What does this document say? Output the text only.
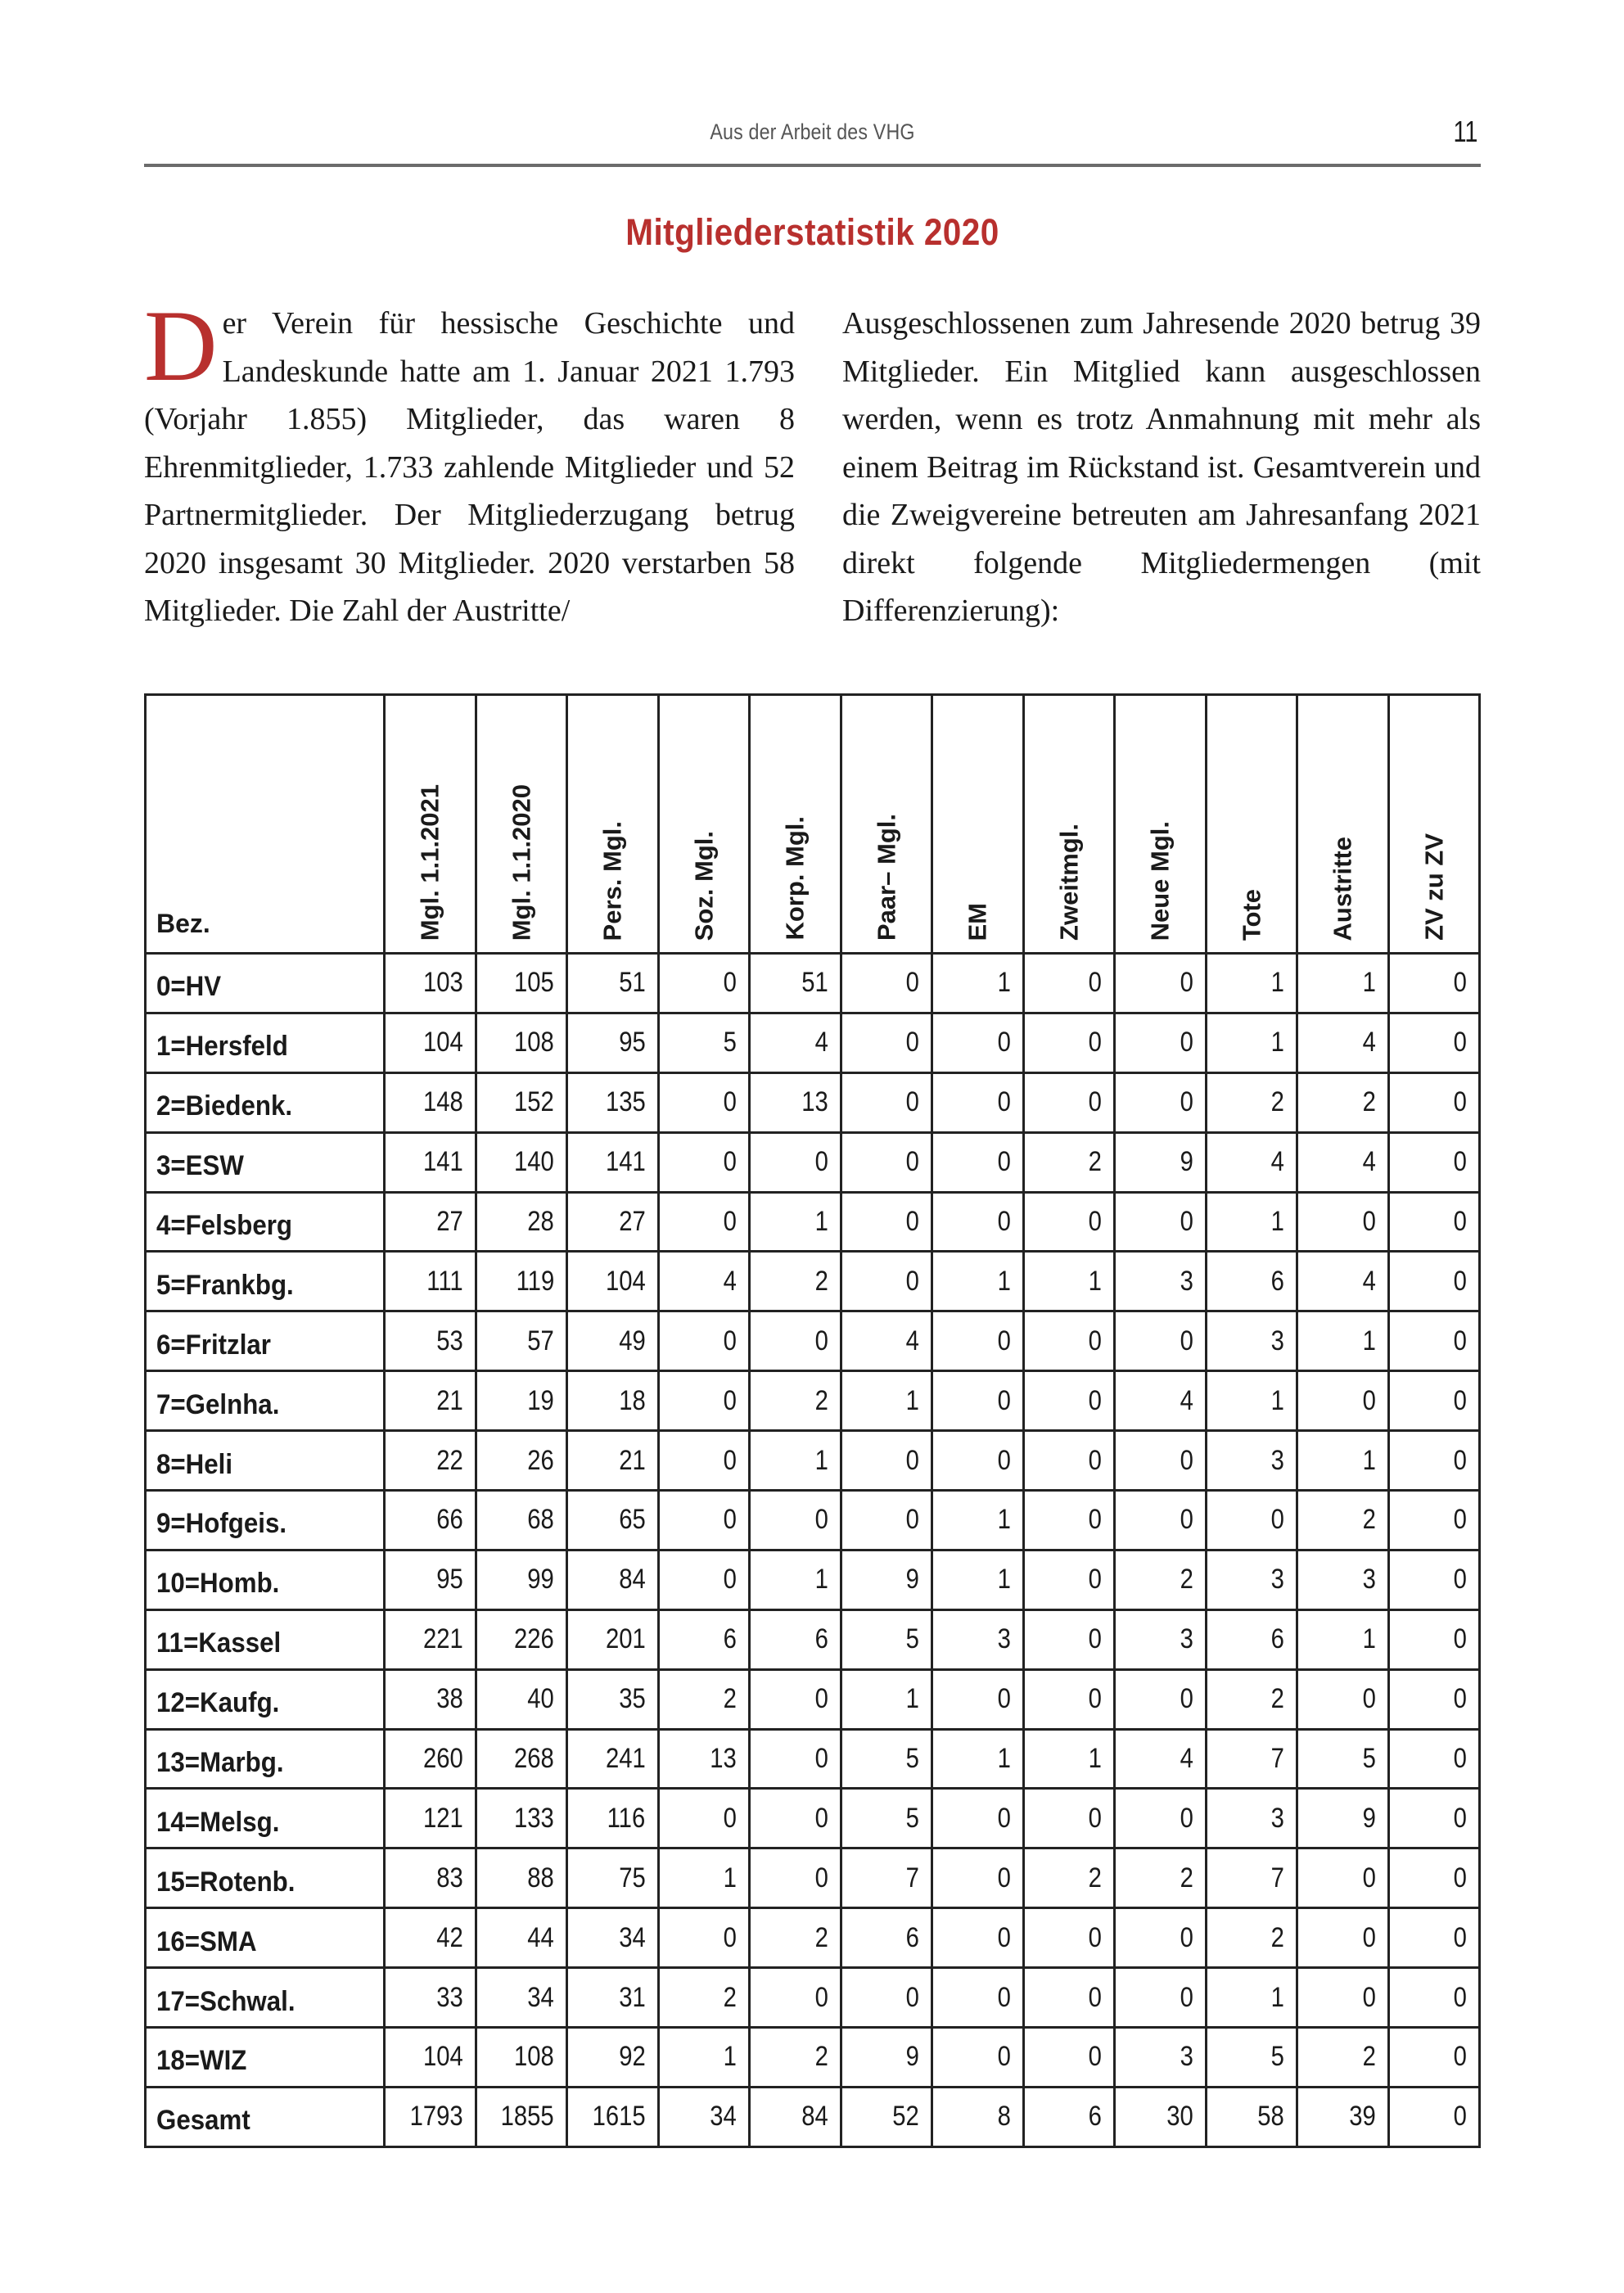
Aus der Arbeit des VHG	11
Mitgliederstatistik 2020
D er Verein für hessische Geschichte und Landeskunde hatte am 1. Januar 2021 1.793 (Vorjahr 1.855) Mitglieder, das waren 8 Ehrenmitglieder, 1.733 zahlende Mitglieder und 52 Partnermitglieder. Der Mitgliederzugang betrug 2020 insgesamt 30 Mitglieder. 2020 verstarben 58 Mitglieder. Die Zahl der Austritte/

Ausgeschlossenen zum Jahresende 2020 betrug 39 Mitglieder. Ein Mitglied kann ausgeschlossen werden, wenn es trotz Anmahnung mit mehr als einem Beitrag im Rückstand ist. Gesamtverein und die Zweigvereine betreuten am Jahresanfang 2021 direkt folgende Mitgliedermengen (mit Differenzierung):

Bez.	Mgl. 1.1.2021	Mgl. 1.1.2020	Pers. Mgl.	Soz. Mgl.	Korp. Mgl.	Paar– Mgl.	EM	Zweitmgl.	Neue Mgl.	Tote	Austritte	ZV zu ZV

0=HV	103	105	51	0	51	0	1	0	0	1	1	0
1=Hersfeld	104	108	95	5	4	0	0	0	0	1	4	0
2=Biedenk.	148	152	135	0	13	0	0	0	0	2	2	0
3=ESW	141	140	141	0	0	0	0	2	9	4	4	0
4=Felsberg	27	28	27	0	1	0	0	0	0	1	0	0
5=Frankbg.	111	119	104	4	2	0	1	1	3	6	4	0
6=Fritzlar	53	57	49	0	0	4	0	0	0	3	1	0
7=Gelnha.	21	19	18	0	2	1	0	0	4	1	0	0
8=Heli	22	26	21	0	1	0	0	0	0	3	1	0
9=Hofgeis.	66	68	65	0	0	0	1	0	0	0	2	0
10=Homb.	95	99	84	0	1	9	1	0	2	3	3	0
11=Kassel	221	226	201	6	6	5	3	0	3	6	1	0
12=Kaufg.	38	40	35	2	0	1	0	0	0	2	0	0
13=Marbg.	260	268	241	13	0	5	1	1	4	7	5	0
14=Melsg.	121	133	116	0	0	5	0	0	0	3	9	0
15=Rotenb.	83	88	75	1	0	7	0	2	2	7	0	0
16=SMA	42	44	34	0	2	6	0	0	0	2	0	0
17=Schwal.	33	34	31	2	0	0	0	0	0	1	0	0
18=WIZ	104	108	92	1	2	9	0	0	3	5	2	0
Gesamt	1793	1855	1615	34	84	52	8	6	30	58	39	0
